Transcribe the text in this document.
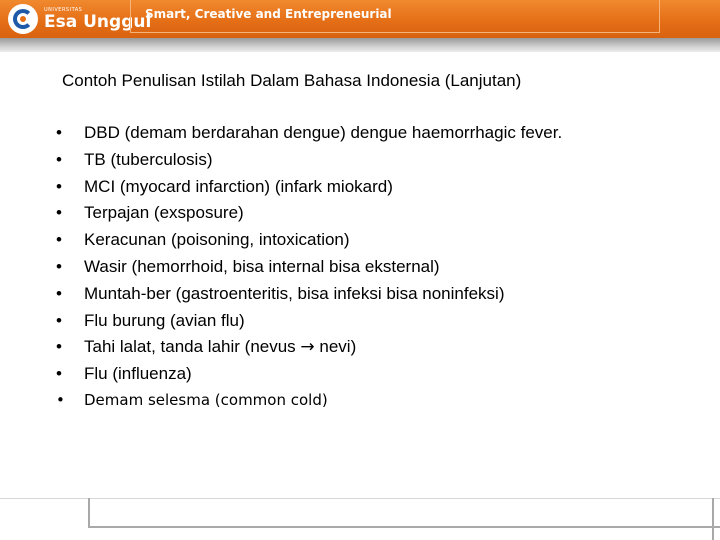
UNIVERSITAS
Esa Unggul
Smart, Creative and Entrepreneurial
Contoh Penulisan Istilah Dalam Bahasa Indonesia (Lanjutan)
•	DBD (demam berdarahan dengue) dengue haemorrhagic fever.
•	TB (tuberculosis)
•	MCI (myocard infarction) (infark miokard)
•	Terpajan (exsposure)
•	Keracunan (poisoning, intoxication)
•	Wasir (hemorrhoid, bisa internal bisa eksternal)
•	Muntah-ber (gastroenteritis, bisa infeksi bisa noninfeksi)
•	Flu burung (avian flu)
•	Tahi lalat, tanda lahir (nevus → nevi)
•	Flu (influenza)
•	Demam selesma (common cold)
